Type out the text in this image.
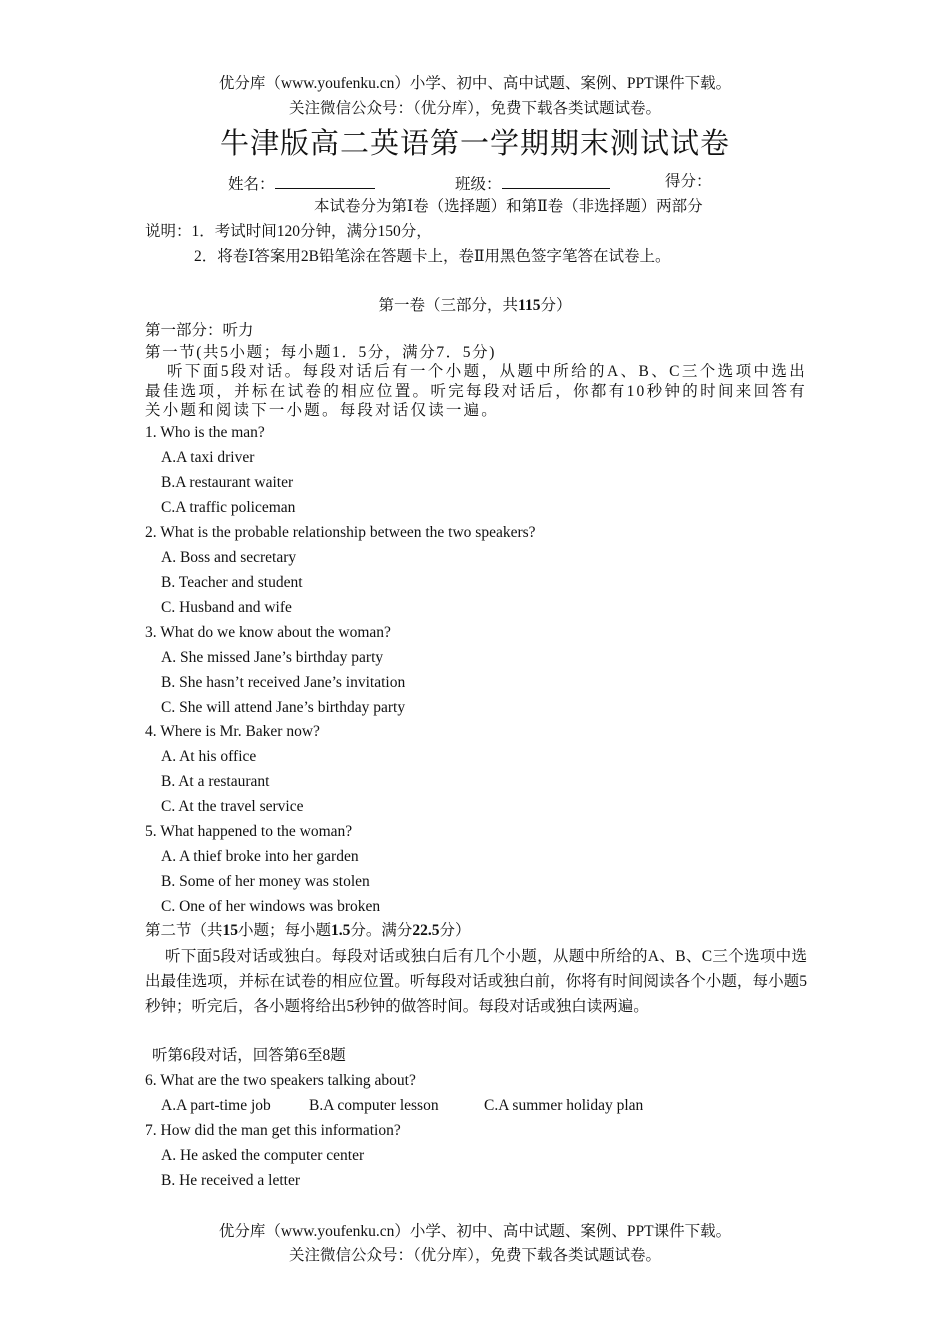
优分库（www.youfenku.cn）小学、初中、高中试题、案例、PPT课件下载。
关注微信公众号：（优分库），免费下载各类试题试卷。
牛津版高二英语第一学期期末测试试卷
姓名：	班级：	得分：
本试卷分为第Ⅰ卷（选择题）和第Ⅱ卷（非选择题）两部分
说明：1．考试时间120分钟，满分150分，
2．将卷Ⅰ答案用2B铅笔涂在答题卡上，卷Ⅱ用黑色签字笔答在试卷上。
第一卷（三部分，共115分）
第一部分：听力
第一节(共5小题；每小题1．5分，满分7．5分)
听下面5段对话。每段对话后有一个小题，从题中所给的A、B、C三个选项中选出最佳选项，并标在试卷的相应位置。听完每段对话后，你都有10秒钟的时间来回答有关小题和阅读下一小题。每段对话仅读一遍。
1. Who is the man?
A.A taxi driver
B.A restaurant waiter
C.A traffic policeman
2. What is the probable relationship between the two speakers?
A. Boss and secretary
B. Teacher and student
C. Husband and wife
3. What do we know about the woman?
A. She missed Jane’s birthday party
B. She hasn’t received Jane’s invitation
C. She will attend Jane’s birthday party
4. Where is Mr. Baker now?
A. At his office
B. At a restaurant
C. At the travel service
5. What happened to the woman?
A. A thief broke into her garden
B. Some of her money was stolen
C. One of her windows was broken
第二节（共15小题；每小题1.5分。满分22.5分）
听下面5段对话或独白。每段对话或独白后有几个小题，从题中所给的A、B、C三个选项中选出最佳选项，并标在试卷的相应位置。听每段对话或独白前，你将有时间阅读各个小题，每小题5秒钟；听完后，各小题将给出5秒钟的做答时间。每段对话或独白读两遍。
听第6段对话，回答第6至8题
6. What are the two speakers talking about?
A.A part-time job B.A computer lesson	C.A summer holiday plan
7. How did the man get this information?
A. He asked the computer center
B. He received a letter
优分库（www.youfenku.cn）小学、初中、高中试题、案例、PPT课件下载。
关注微信公众号：（优分库），免费下载各类试题试卷。
